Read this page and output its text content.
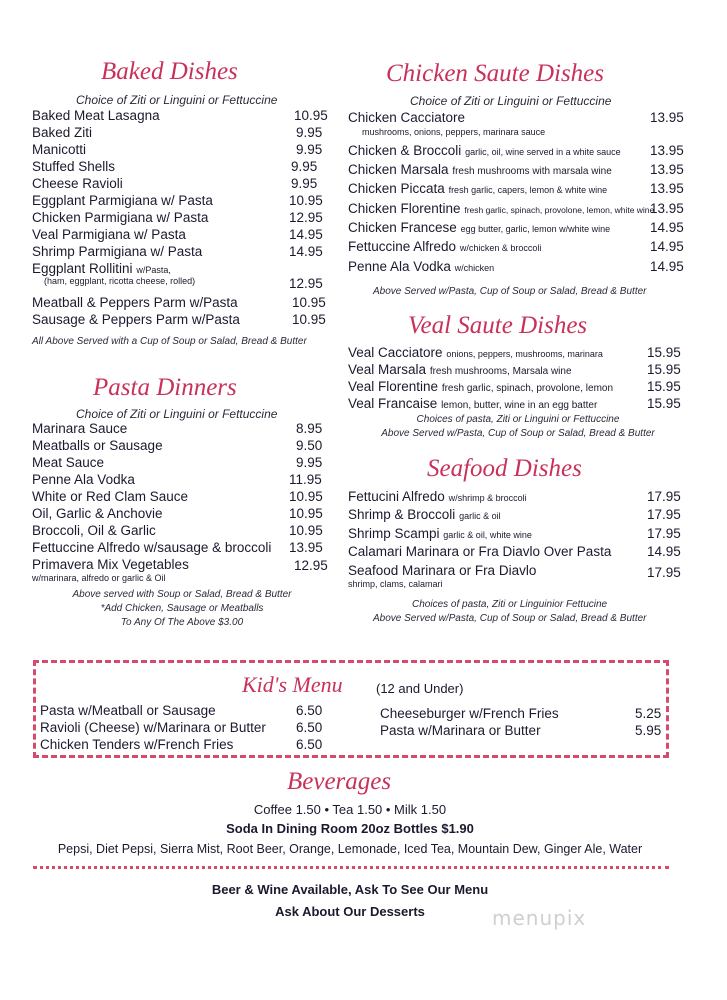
Baked Dishes
Choice of Ziti or Linguini or Fettuccine
Baked Meat Lasagna	10.95
Baked Ziti	9.95
Manicotti	9.95
Stuffed Shells	9.95
Cheese Ravioli	9.95
Eggplant Parmigiana w/ Pasta	10.95
Chicken Parmigiana w/ Pasta	12.95
Veal Parmigiana w/ Pasta	14.95
Shrimp Parmigiana w/ Pasta	14.95
Eggplant Rollitini w/Pasta,
(ham, eggplant, ricotta cheese, rolled)	12.95
Meatball & Peppers Parm w/Pasta	10.95
Sausage & Peppers Parm w/Pasta	10.95
All Above Served with a Cup of Soup or Salad, Bread & Butter
Pasta Dinners
Choice of Ziti or Linguini or Fettuccine
Marinara Sauce	8.95
Meatballs or Sausage	9.50
Meat Sauce	9.95
Penne Ala Vodka	11.95
White or Red Clam Sauce	10.95
Oil, Garlic & Anchovie	10.95
Broccoli, Oil & Garlic	10.95
Fettuccine Alfredo w/sausage & broccoli 13.95
Primavera Mix Vegetables
w/marinara, alfredo or garlic & Oil
12.95
Above served with Soup or Salad, Bread & Butter
*Add Chicken, Sausage or Meatballs
To Any Of The Above $3.00
Chicken Saute Dishes
Choice of Ziti or Linguini or Fettuccine
Chicken Cacciatore
mushrooms, onions, peppers, marinara sauce
13.95
Chicken & Broccoli garlic, oil, wine served in a white sauce 13.95
Chicken Marsala fresh mushrooms with marsala wine	13.95
Chicken Piccata fresh garlic, capers, lemon & white wine	13.95
Chicken Florentine fresh garlic, spinach, provolone, lemon, white wine
13.95
Chicken Francese egg butter, garlic, lemon w/white wine	14.95
Fettuccine Alfredo w/chicken & broccoli	14.95
Penne Ala Vodka w/chicken	14.95
Above Served w/Pasta, Cup of Soup or Salad, Bread & Butter
Veal Saute Dishes
Veal Cacciatore onions, peppers, mushrooms, marinara	15.95
Veal Marsala fresh mushrooms, Marsala wine	15.95
Veal Florentine fresh garlic, spinach, provolone, lemon	15.95
Veal Francaise lemon, butter, wine in an egg batter	15.95
Choices of pasta, Ziti or Linguini or Fettuccine
Above Served w/Pasta, Cup of Soup or Salad, Bread & Butter
Seafood Dishes
Fettucini Alfredo w/shrimp & broccoli	17.95
Shrimp & Broccoli garlic & oil	17.95
Shrimp Scampi garlic & oil, white wine	17.95
Calamari Marinara or Fra Diavlo Over Pasta	14.95
Seafood Marinara or Fra Diavlo
shrimp, clams, calamari
17.95
Choices of pasta, Ziti or Linguinior Fettucine
Above Served w/Pasta, Cup of Soup or Salad, Bread & Butter
Kid's Menu	(12 and Under)
Pasta w/Meatball or Sausage	6.50
Ravioli (Cheese) w/Marinara or Butter 6.50
Chicken Tenders w/French Fries	6.50
Cheeseburger w/French Fries	5.25
Pasta w/Marinara or Butter	5.95
Beverages
Coffee 1.50 • Tea 1.50 • Milk 1.50
Soda In Dining Room 20oz Bottles $1.90
Pepsi, Diet Pepsi, Sierra Mist, Root Beer, Orange, Lemonade, Iced Tea, Mountain Dew, Ginger Ale, Water
Beer & Wine Available, Ask To See Our Menu
Ask About Our Desserts	menupix
